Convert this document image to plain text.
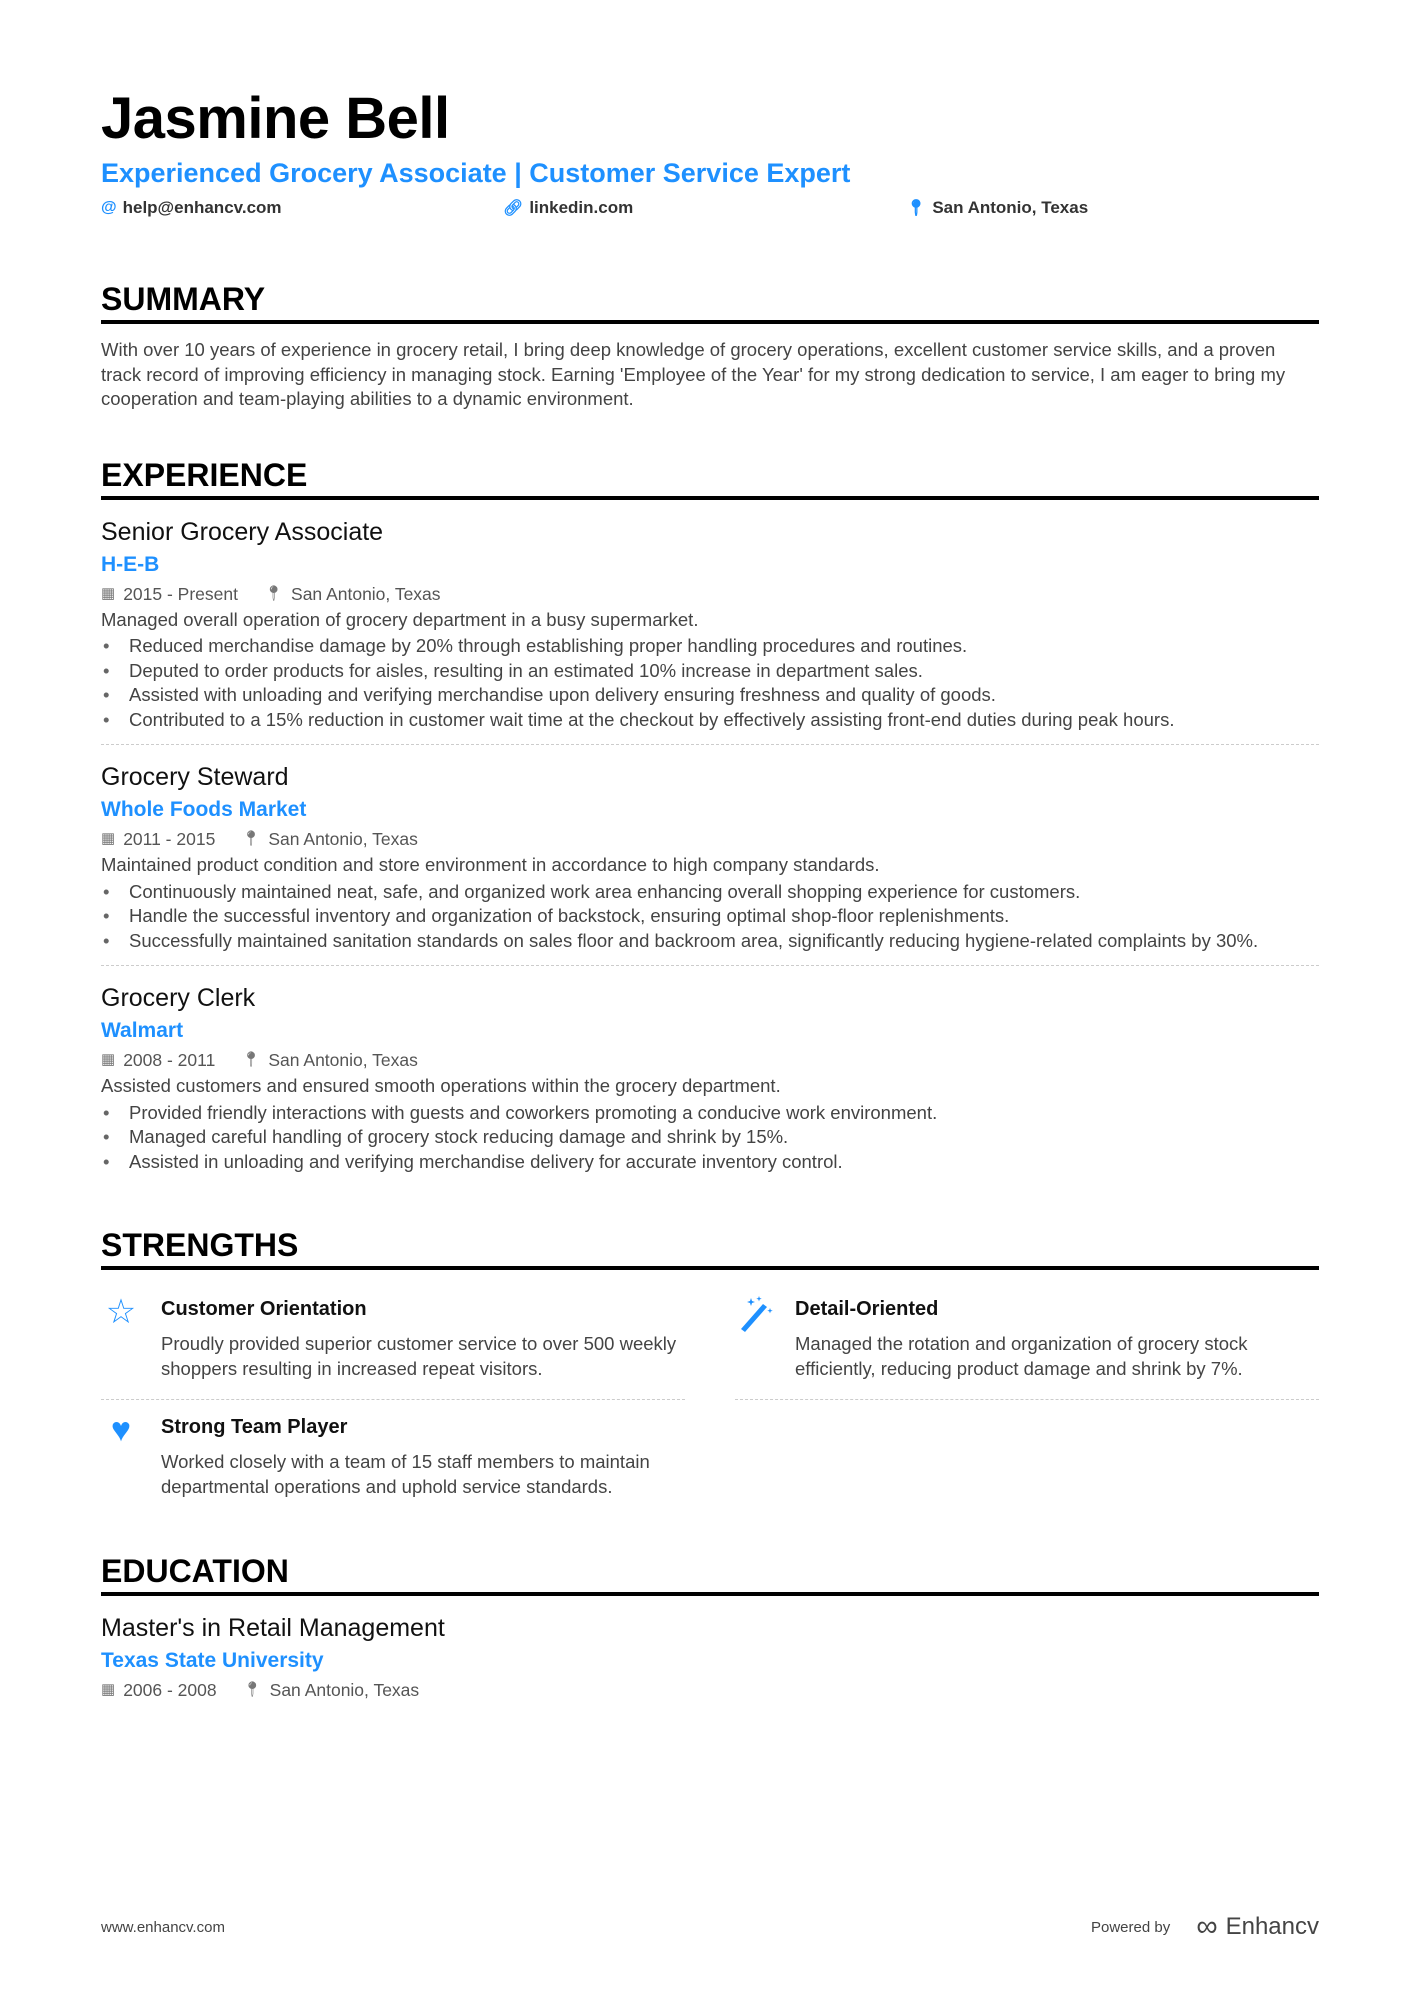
Jasmine Bell
Experienced Grocery Associate | Customer Service Expert
@ help@enhancv.com	🔗︎ linkedin.com	📍︎ San Antonio, Texas
SUMMARY
With over 10 years of experience in grocery retail, I bring deep knowledge of grocery operations, excellent customer service skills, and a proven track record of improving efficiency in managing stock. Earning 'Employee of the Year' for my strong dedication to service, I am eager to bring my cooperation and team-playing abilities to a dynamic environment.
EXPERIENCE
Senior Grocery Associate
H-E-B
▦ 2015 - Present 📍︎ San Antonio, Texas
Managed overall operation of grocery department in a busy supermarket.
• Reduced merchandise damage by 20% through establishing proper handling procedures and routines.
• Deputed to order products for aisles, resulting in an estimated 10% increase in department sales.
• Assisted with unloading and verifying merchandise upon delivery ensuring freshness and quality of goods.
• Contributed to a 15% reduction in customer wait time at the checkout by effectively assisting front-end duties during peak hours.
Grocery Steward
Whole Foods Market
▦ 2011 - 2015 📍︎ San Antonio, Texas
Maintained product condition and store environment in accordance to high company standards.
• Continuously maintained neat, safe, and organized work area enhancing overall shopping experience for customers.
• Handle the successful inventory and organization of backstock, ensuring optimal shop-floor replenishments.
• Successfully maintained sanitation standards on sales floor and backroom area, significantly reducing hygiene-related complaints by 30%.
Grocery Clerk
Walmart
▦ 2008 - 2011 📍︎ San Antonio, Texas
Assisted customers and ensured smooth operations within the grocery department.
• Provided friendly interactions with guests and coworkers promoting a conducive work environment.
• Managed careful handling of grocery stock reducing damage and shrink by 15%.
• Assisted in unloading and verifying merchandise delivery for accurate inventory control.
STRENGTHS
☆ Customer Orientation
Proudly provided superior customer service to over 500 weekly shoppers resulting in increased repeat visitors.
Detail-Oriented
Managed the rotation and organization of grocery stock efficiently, reducing product damage and shrink by 7%.
♥	Strong Team Player
Worked closely with a team of 15 staff members to maintain departmental operations and uphold service standards.
EDUCATION
Master's in Retail Management
Texas State University
▦ 2006 - 2008 📍︎ San Antonio, Texas
www.enhancv.com	Powered by ∞ Enhancv
